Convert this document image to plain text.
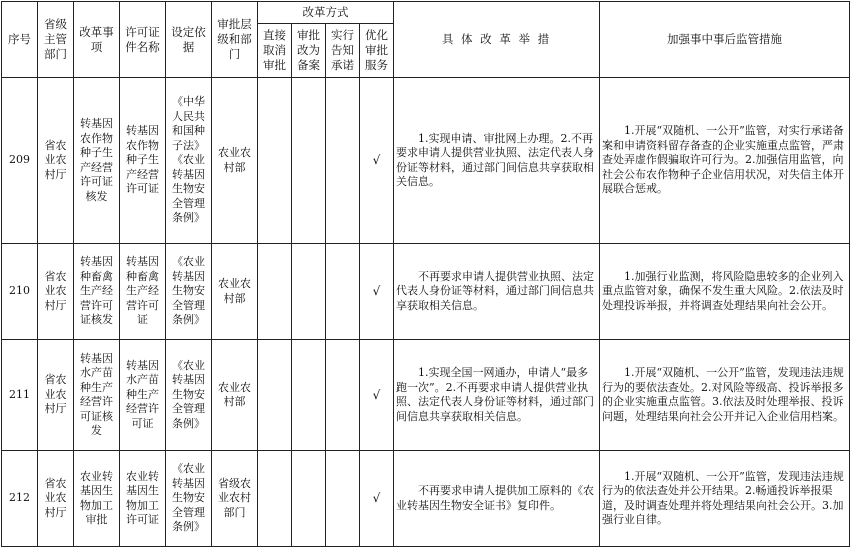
序号	省级主管部门	改革事项	许可证件名称	设定依据	审批层级和部门	改革方式				具 体 改 革 举 措	加强事中事后监管措施
						直接取消审批	审批改为备案	实行告知承诺	优化审批服务		
209	省农业农村厅	转基因农作物种子生产经营许可证核发	转基因农作物种子生产经营许可证	《中华人民共和国种子法》《农业转基因生物安全管理条例》	农业农村部				√	1.实现申请、审批网上办理。2.不再要求申请人提供营业执照、法定代表人身份证等材料，通过部门间信息共享获取相关信息。	1.开展“双随机、一公开”监管，对实行承诺备案和申请资料留存备查的企业实施重点监管，严肃查处弄虚作假骗取许可行为。2.加强信用监管，向社会公布农作物种子企业信用状况，对失信主体开展联合惩戒。
210	省农业农村厅	转基因种畜禽生产经营许可证核发	转基因种畜禽生产经营许可证	《农业转基因生物安全管理条例》	农业农村部				√	不再要求申请人提供营业执照、法定代表人身份证等材料，通过部门间信息共享获取相关信息。	1.加强行业监测，将风险隐患较多的企业列入重点监管对象，确保不发生重大风险。2.依法及时处理投诉举报，并将调查处理结果向社会公开。
211	省农业农村厅	转基因水产苗种生产经营许可证核发	转基因水产苗种生产经营许可证	《农业转基因生物安全管理条例》	农业农村部				√	1.实现全国一网通办，申请人“最多跑一次”。2.不再要求申请人提供营业执照、法定代表人身份证等材料，通过部门间信息共享获取相关信息。	1.开展“双随机、一公开”监管，发现违法违规行为的要依法查处。2.对风险等级高、投诉举报多的企业实施重点监管。3.依法及时处理举报、投诉问题，处理结果向社会公开并记入企业信用档案。
212	省农业农村厅	农业转基因生物加工审批	农业转基因生物加工许可证	《农业转基因生物安全管理条例》	省级农业农村部门				√	不再要求申请人提供加工原料的《农业转基因生物安全证书》复印件。	1.开展“双随机、一公开”监管，发现违法违规行为的依法查处并公开结果。2.畅通投诉举报渠道，及时调查处理并将处理结果向社会公开。3.加强行业自律。
